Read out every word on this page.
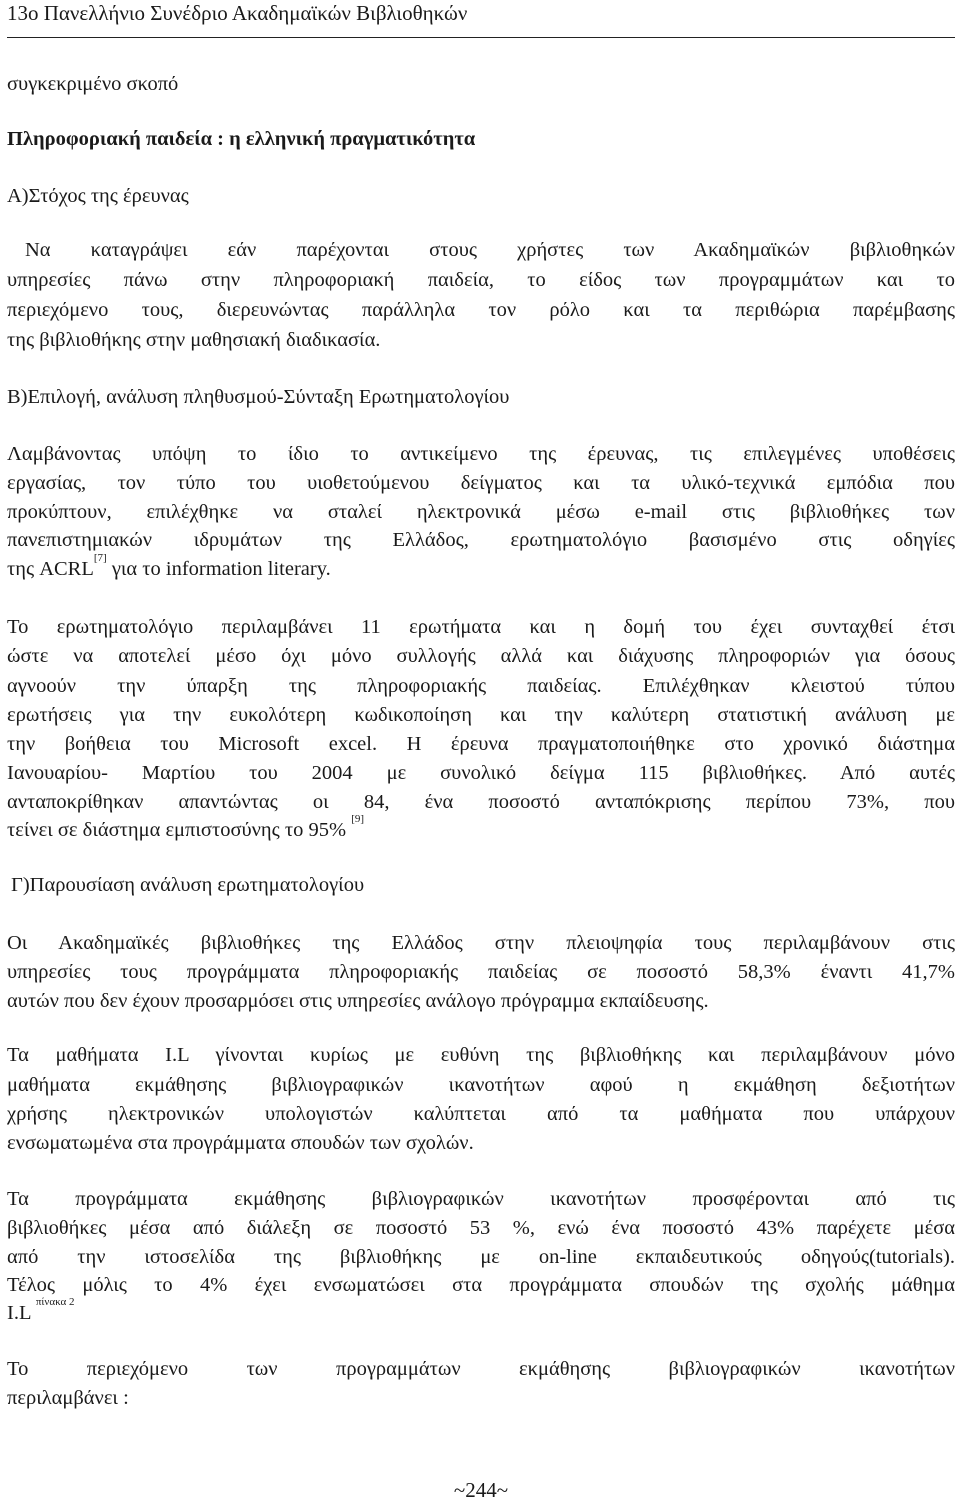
13ο Πανελλήνιο Συνέδριο Ακαδημαϊκών Βιβλιοθηκών
συγκεκριμένο σκοπό
Πληροφοριακή παιδεία : η ελληνική πραγματικότητα
Α)Στόχος της έρευνας
Να καταγράψει εάν παρέχονται στους χρήστες των Ακαδημαϊκών βιβλιοθηκών
υπηρεσίες πάνω στην πληροφοριακή παιδεία, το είδος των προγραμμάτων και το
περιεχόμενο τους, διερευνώντας παράλληλα τον ρόλο και τα περιθώρια παρέμβασης
της βιβλιοθήκης στην μαθησιακή διαδικασία.
Β)Επιλογή, ανάλυση πληθυσμού-Σύνταξη Ερωτηματολογίου
Λαμβάνοντας υπόψη το ίδιο το αντικείμενο της έρευνας, τις επιλεγμένες υποθέσεις
εργασίας, τον τύπο του υιοθετούμενου δείγματος και τα υλικό-τεχνικά εμπόδια που
προκύπτουν, επιλέχθηκε να σταλεί ηλεκτρονικά μέσω e-mail στις βιβλιοθήκες των
πανεπιστημιακών ιδρυμάτων της Ελλάδος, ερωτηματολόγιο βασισμένο στις οδηγίες
της ACRL[7] για το information literary.
Το ερωτηματολόγιο περιλαμβάνει 11 ερωτήματα και η δομή του έχει συνταχθεί έτσι
ώστε να αποτελεί μέσο όχι μόνο συλλογής αλλά και διάχυσης πληροφοριών για όσους
αγνοούν την ύπαρξη της πληροφοριακής παιδείας. Επιλέχθηκαν κλειστού τύπου
ερωτήσεις για την ευκολότερη κωδικοποίηση και την καλύτερη στατιστική ανάλυση με
την βοήθεια του Microsoft excel. Η έρευνα πραγματοποιήθηκε στο χρονικό διάστημα
Ιανουαρίου- Μαρτίου του 2004 με συνολικό δείγμα 115 βιβλιοθήκες. Από αυτές
ανταποκρίθηκαν απαντώντας οι 84, ένα ποσοστό ανταπόκρισης περίπου 73%, που
τείνει σε διάστημα εμπιστοσύνης το 95% [9]
Γ)Παρουσίαση ανάλυση ερωτηματολογίου
Οι Ακαδημαϊκές βιβλιοθήκες της Ελλάδος στην πλειοψηφία τους περιλαμβάνουν στις
υπηρεσίες τους προγράμματα πληροφοριακής παιδείας σε ποσοστό 58,3% έναντι 41,7%
αυτών που δεν έχουν προσαρμόσει στις υπηρεσίες ανάλογο πρόγραμμα εκπαίδευσης.
Τα μαθήματα I.L γίνονται κυρίως με ευθύνη της βιβλιοθήκης και περιλαμβάνουν μόνο
μαθήματα εκμάθησης βιβλιογραφικών ικανοτήτων αφού η εκμάθηση δεξιοτήτων
χρήσης ηλεκτρονικών υπολογιστών καλύπτεται από τα μαθήματα που υπάρχουν
ενσωματωμένα στα προγράμματα σπουδών των σχολών.
Τα προγράμματα εκμάθησης βιβλιογραφικών ικανοτήτων προσφέρονται από τις
βιβλιοθήκες μέσα από διάλεξη σε ποσοστό 53 %, ενώ ένα ποσοστό 43% παρέχετε μέσα
από την ιστοσελίδα της βιβλιοθήκης με on-line εκπαιδευτικούς οδηγούς(tutorials).
Τέλος μόλις το 4% έχει ενσωματώσει στα προγράμματα σπουδών της σχολής μάθημα
I.L $^{\pi ί\nu\alpha\kappa\alpha 2}$
Το περιεχόμενο των προγραμμάτων εκμάθησης βιβλιογραφικών ικανοτήτων
περιλαμβάνει :
~244~
